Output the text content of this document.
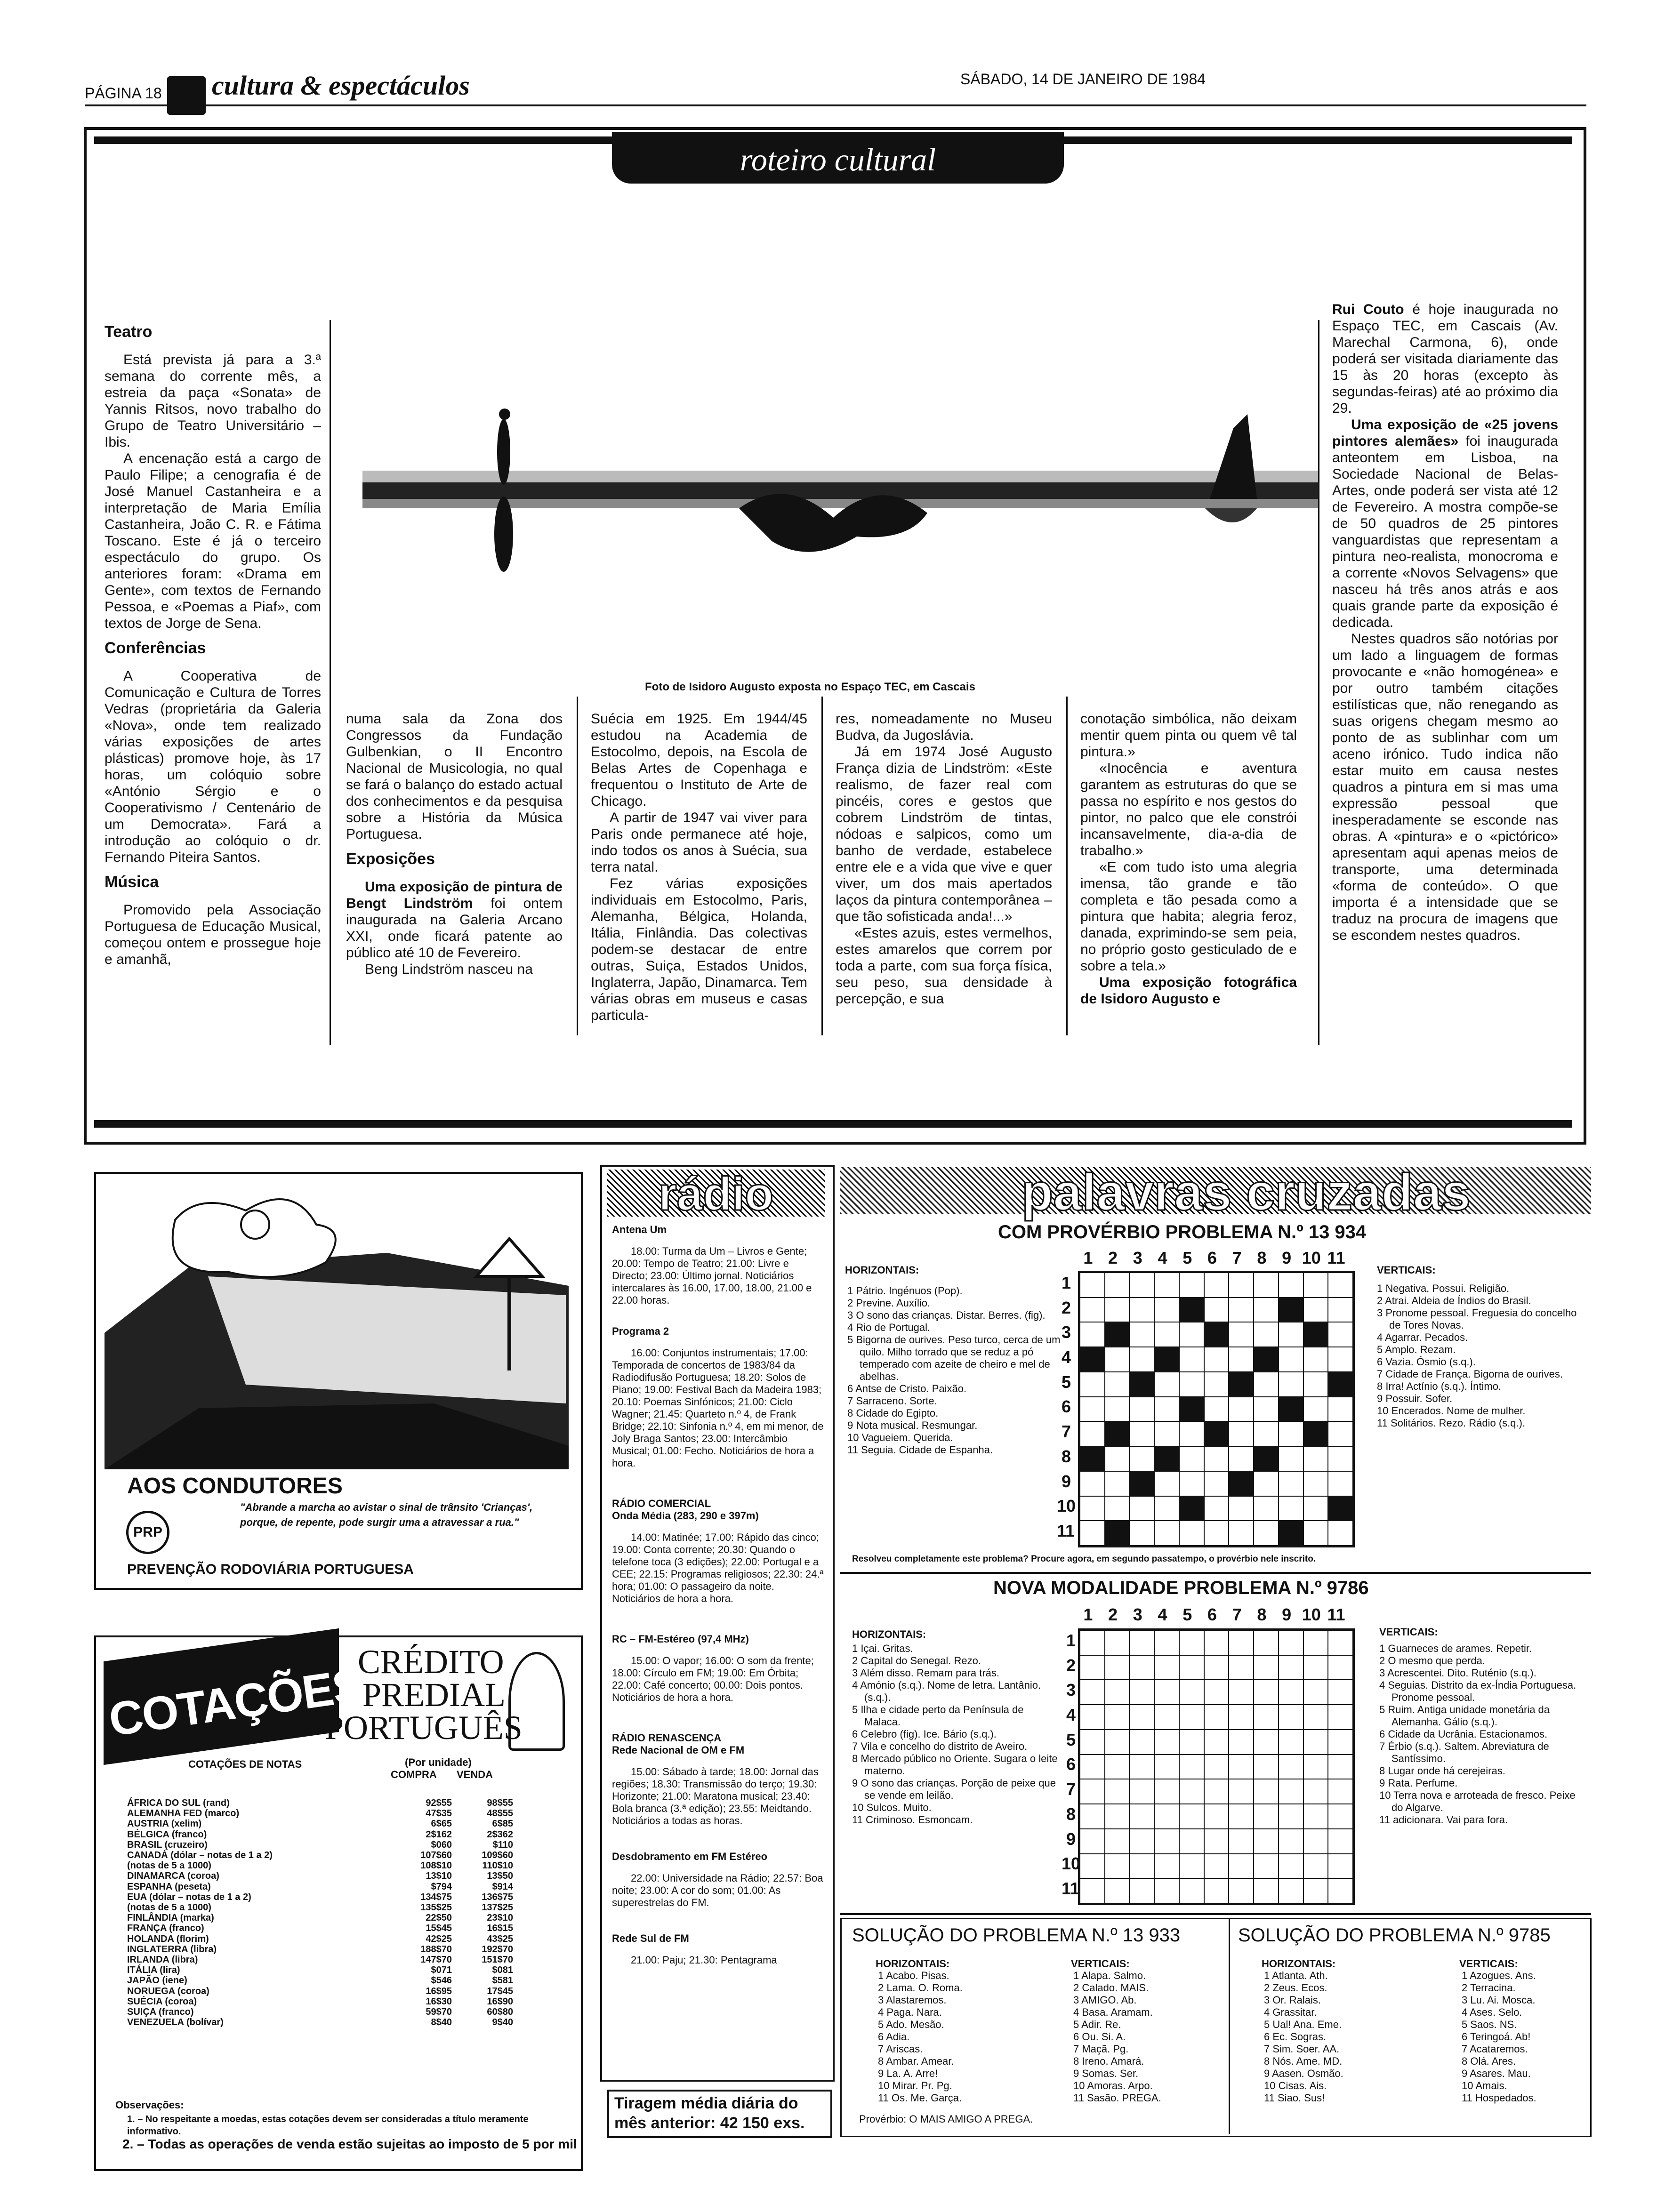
PÁGINA 18 cultura & espectáculos	SÁBADO, 14 DE JANEIRO DE 1984
roteiro cultural
Foto de Isidoro Augusto exposta no Espaço TEC, em Cascais
Teatro

Está prevista já para a 3.ª semana do corrente mês, a estreia da paça «Sonata» de Yannis Ritsos, novo trabalho do Grupo de Teatro Universitário – Ibis.

A encenação está a cargo de Paulo Filipe; a cenografia é de José Manuel Castanheira e a interpretação de Maria Emília Castanheira, João C. R. e Fátima Toscano. Este é já o terceiro espectáculo do grupo. Os anteriores foram: «Drama em Gente», com textos de Fernando Pessoa, e «Poemas a Piaf», com textos de Jorge de Sena.

Conferências

A Cooperativa de Comunicação e Cultura de Torres Vedras (proprietária da Galeria «Nova», onde tem realizado várias exposições de artes plásticas) promove hoje, às 17 horas, um colóquio sobre «António Sérgio e o Cooperativismo / Centenário de um Democrata». Fará a introdução ao colóquio o dr. Fernando Piteira Santos.

Música

Promovido pela Associação Portuguesa de Educação Musical, começou ontem e prossegue hoje e amanhã,

numa sala da Zona dos Congressos da Fundação Gulbenkian, o II Encontro Nacional de Musicologia, no qual se fará o balanço do estado actual dos conhecimentos e da pesquisa sobre a História da Música Portuguesa.

Exposições

Uma exposição de pintura de Bengt Lindström foi ontem inaugurada na Galeria Arcano XXI, onde ficará patente ao público até 10 de Fevereiro.

Beng Lindström nasceu na

Suécia em 1925. Em 1944/45 estudou na Academia de Estocolmo, depois, na Escola de Belas Artes de Copenhaga e frequentou o Instituto de Arte de Chicago.

A partir de 1947 vai viver para Paris onde permanece até hoje, indo todos os anos à Suécia, sua terra natal.

Fez várias exposições individuais em Estocolmo, Paris, Alemanha, Bélgica, Holanda, Itália, Finlândia. Das colectivas podem-se destacar de entre outras, Suiça, Estados Unidos, Inglaterra, Japão, Dinamarca. Tem várias obras em museus e casas particula-

res, nomeadamente no Museu Budva, da Jugoslávia.

Já em 1974 José Augusto França dizia de Lindström: «Este realismo, de fazer real com pincéis, cores e gestos que cobrem Lindström de tintas, nódoas e salpicos, como um banho de verdade, estabelece entre ele e a vida que vive e quer viver, um dos mais apertados laços da pintura contemporânea – que tão sofisticada anda!...»

«Estes azuis, estes vermelhos, estes amarelos que correm por toda a parte, com sua força física, seu peso, sua densidade à percepção, e sua

conotação simbólica, não deixam mentir quem pinta ou quem vê tal pintura.»

«Inocência e aventura garantem as estruturas do que se passa no espírito e nos gestos do pintor, no palco que ele constrói incansavelmente, dia-a-dia de trabalho.»

«E com tudo isto uma alegria imensa, tão grande e tão completa e tão pesada como a pintura que habita; alegria feroz, danada, exprimindo-se sem peia, no próprio gosto gesticulado de e sobre a tela.»

Uma exposição fotográfica de Isidoro Augusto e

Rui Couto é hoje inaugurada no Espaço TEC, em Cascais (Av. Marechal Carmona, 6), onde poderá ser visitada diariamente das 15 às 20 horas (excepto às segundas-feiras) até ao próximo dia 29.

Uma exposição de «25 jovens pintores alemães» foi inaugurada anteontem em Lisboa, na Sociedade Nacional de Belas-Artes, onde poderá ser vista até 12 de Fevereiro. A mostra compõe-se de 50 quadros de 25 pintores vanguardistas que representam a pintura neo-realista, monocroma e a corrente «Novos Selvagens» que nasceu há três anos atrás e aos quais grande parte da exposição é dedicada.

Nestes quadros são notórias por um lado a linguagem de formas provocante e «não homogénea» e por outro também citações estilísticas que, não renegando as suas origens chegam mesmo ao ponto de as sublinhar com um aceno irónico. Tudo indica não estar muito em causa nestes quadros a pintura em si mas uma expressão pessoal que inesperadamente se esconde nas obras. A «pintura» e o «pictórico» apresentam aqui apenas meios de transporte, uma determinada «forma de conteúdo». O que importa é a intensidade que se traduz na procura de imagens que se escondem nestes quadros.

AOS CONDUTORES
PRP
"Abrande a marcha ao avistar o sinal de trânsito 'Crianças',
porque, de repente, pode surgir uma a atravessar a rua."
PREVENÇÃO RODOVIÁRIA PORTUGUESA
COTAÇÕES
CRÉDITO
PREDIAL
PORTUGUÊS
COTAÇÕES DE NOTAS	(Por unidade)
COMPRA VENDA
ÁFRICA DO SUL (rand)	92$55	98$55
ALEMANHA FED (marco)	47$35	48$55
AUSTRIA (xelim)	6$65	6$85
BÉLGICA (franco)	2$162	2$362
BRASIL (cruzeiro)	$060	$110
CANADÁ (dólar – notas de 1 a 2)	107$60	109$60
(notas de 5 a 1000)	108$10	110$10
DINAMARCA (coroa)	13$10	13$50
ESPANHA (peseta)	$794	$914
EUA (dólar – notas de 1 a 2)	134$75	136$75
(notas de 5 a 1000)	135$25	137$25
FINLÂNDIA (marka)	22$50	23$10
FRANÇA (franco)	15$45	16$15
HOLANDA (florim)	42$25	43$25
INGLATERRA (libra)	188$70	192$70
IRLANDA (libra)	147$70	151$70
ITÁLIA (lira)	$071	$081
JAPÃO (iene)	$546	$581
NORUEGA (coroa)	16$95	17$45
SUÉCIA (coroa)	16$30	16$90
SUIÇA (franco)	59$70	60$80
VENEZUELA (bolívar)	8$40	9$40
Observações:
1. – No respeitante a moedas, estas cotações devem ser consideradas a título meramente informativo.
2. – Todas as operações de venda estão sujeitas ao imposto de 5 por mil
rádio
Antena Um
18.00: Turma da Um – Livros e Gente; 20.00: Tempo de Teatro; 21.00: Livre e Directo; 23.00: Último jornal. Noticiários intercalares às 16.00, 17.00, 18.00, 21.00 e 22.00 horas.
Programa 2
16.00: Conjuntos instrumentais; 17.00: Temporada de concertos de 1983/84 da Radiodifusão Portuguesa; 18.20: Solos de Piano; 19.00: Festival Bach da Madeira 1983; 20.10: Poemas Sinfónicos; 21.00: Ciclo Wagner; 21.45: Quarteto n.º 4, de Frank Bridge; 22.10: Sinfonia n.º 4, em mi menor, de Joly Braga Santos; 23.00: Intercâmbio Musical; 01.00: Fecho. Noticiários de hora a hora.
RÁDIO COMERCIAL
Onda Média (283, 290 e 397m)
14.00: Matinée; 17.00: Rápido das cinco; 19.00: Conta corrente; 20.30: Quando o telefone toca (3 edições); 22.00: Portugal e a CEE; 22.15: Programas religiosos; 22.30: 24.ª hora; 01.00: O passageiro da noite. Noticiários de hora a hora.
RC – FM-Estéreo (97,4 MHz)
15.00: O vapor; 16.00: O som da frente; 18.00: Círculo em FM; 19.00: Em Órbita; 22.00: Café concerto; 00.00: Dois pontos. Noticiários de hora a hora.
RÁDIO RENASCENÇA
Rede Nacional de OM e FM
15.00: Sábado à tarde; 18.00: Jornal das regiões; 18.30: Transmissão do terço; 19.30: Horizonte; 21.00: Maratona musical; 23.40: Bola branca (3.ª edição); 23.55: Meidtando. Noticiários a todas as horas.
Desdobramento em FM Estéreo
22.00: Universidade na Rádio; 22.57: Boa noite; 23.00: A cor do som; 01.00: As superestrelas do FM.
Rede Sul de FM
21.00: Paju; 21.30: Pentagrama
Tiragem média diária do
mês anterior: 42 150 exs.
palavras cruzadas
COM PROVÉRBIO PROBLEMA N.º 13 934
1 2 3 4 5 6 7 8 9 10 11
HORIZONTAIS:
1 Pátrio. Ingénuos (Pop).
2 Previne. Auxílio.
3 O sono das crianças. Distar. Berres. (fig).
4 Rio de Portugal.
5 Bigorna de ourives. Peso turco, cerca de um quilo. Milho torrado que se reduz a pó temperado com azeite de cheiro e mel de abelhas.
6 Antse de Cristo. Paixão.
7 Sarraceno. Sorte.
8 Cidade do Egipto.
9 Nota musical. Resmungar.
10 Vagueiem. Querida.
11 Seguia. Cidade de Espanha.
1
2
3
4
5
6
7
8
9
10
11
VERTICAIS:
1 Negativa. Possui. Religião.
2 Atrai. Aldeia de Índios do Brasil.
3 Pronome pessoal. Freguesia do concelho de Tores Novas.
4 Agarrar. Pecados.
5 Amplo. Rezam.
6 Vazia. Ósmio (s.q.).
7 Cidade de França. Bigorna de ourives.
8 Irra! Actínio (s.q.). Íntimo.
9 Possuir. Sofer.
10 Encerados. Nome de mulher.
11 Solitários. Rezo. Rádio (s.q.).
Resolveu completamente este problema? Procure agora, em segundo passatempo, o provérbio nele inscrito.
NOVA MODALIDADE PROBLEMA N.º 9786
1 2 3 4 5 6 7 8 9 10 11
HORIZONTAIS:
1 Içai. Gritas.
2 Capital do Senegal. Rezo.
3 Além disso. Remam para trás.
4 Amónio (s.q.). Nome de letra. Lantânio. (s.q.).
5 Ilha e cidade perto da Península de Malaca.
6 Celebro (fig). Ice. Bário (s.q.).
7 Vila e concelho do distrito de Aveiro.
8 Mercado público no Oriente. Sugara o leite materno.
9 O sono das crianças. Porção de peixe que se vende em leilão.
10 Sulcos. Muito.
11 Criminoso. Esmoncam.
1
2
3
4
5
6
7
8
9
10
11
VERTICAIS:
1 Guarneces de arames. Repetir.
2 O mesmo que perda.
3 Acrescentei. Dito. Ruténio (s.q.).
4 Seguias. Distrito da ex-Índia Portuguesa. Pronome pessoal.
5 Ruim. Antiga unidade monetária da Alemanha. Gálio (s.q.).
6 Cidade da Ucrânia. Estacionamos.
7 Érbio (s.q.). Saltem. Abreviatura de Santíssimo.
8 Lugar onde há cerejeiras.
9 Rata. Perfume.
10 Terra nova e arroteada de fresco. Peixe do Algarve.
11 adicionara. Vai para fora.
SOLUÇÃO DO PROBLEMA N.º 13 933
HORIZONTAIS:
1 Acabo. Pisas.
2 Lama. O. Roma.
3 Alastaremos.
4 Paga. Nara.
5 Ado. Mesão.
6 Adia.
7 Ariscas.
8 Ambar. Amear.
9 La. A. Arre!
10 Mirar. Pr. Pg.
11 Os. Me. Garça.
VERTICAIS:
1 Alapa. Salmo.
2 Calado. MAIS.
3 AMIGO. Ab.
4 Basa. Aramam.
5 Adir. Re.
6 Ou. Si. A.
7 Maçã. Pg.
8 Ireno. Amará.
9 Somas. Ser.
10 Amoras. Arpo.
11 Sasão. PREGA.
Provérbio: O MAIS AMIGO A PREGA.
SOLUÇÃO DO PROBLEMA N.º 9785
HORIZONTAIS:
1 Atlanta. Ath.
2 Zeus. Ecos.
3 Or. Ralais.
4 Grassitar.
5 Ual! Ana. Eme.
6 Ec. Sogras.
7 Sim. Soer. AA.
8 Nós. Ame. MD.
9 Aasen. Osmão.
10 Cisas. Ais.
11 Siao. Sus!
VERTICAIS:
1 Azogues. Ans.
2 Terracina.
3 Lu. Ai. Mosca.
4 Ases. Selo.
5 Saos. NS.
6 Teringoá. Ab!
7 Acataremos.
8 Olá. Ares.
9 Asares. Mau.
10 Amais.
11 Hospedados.
